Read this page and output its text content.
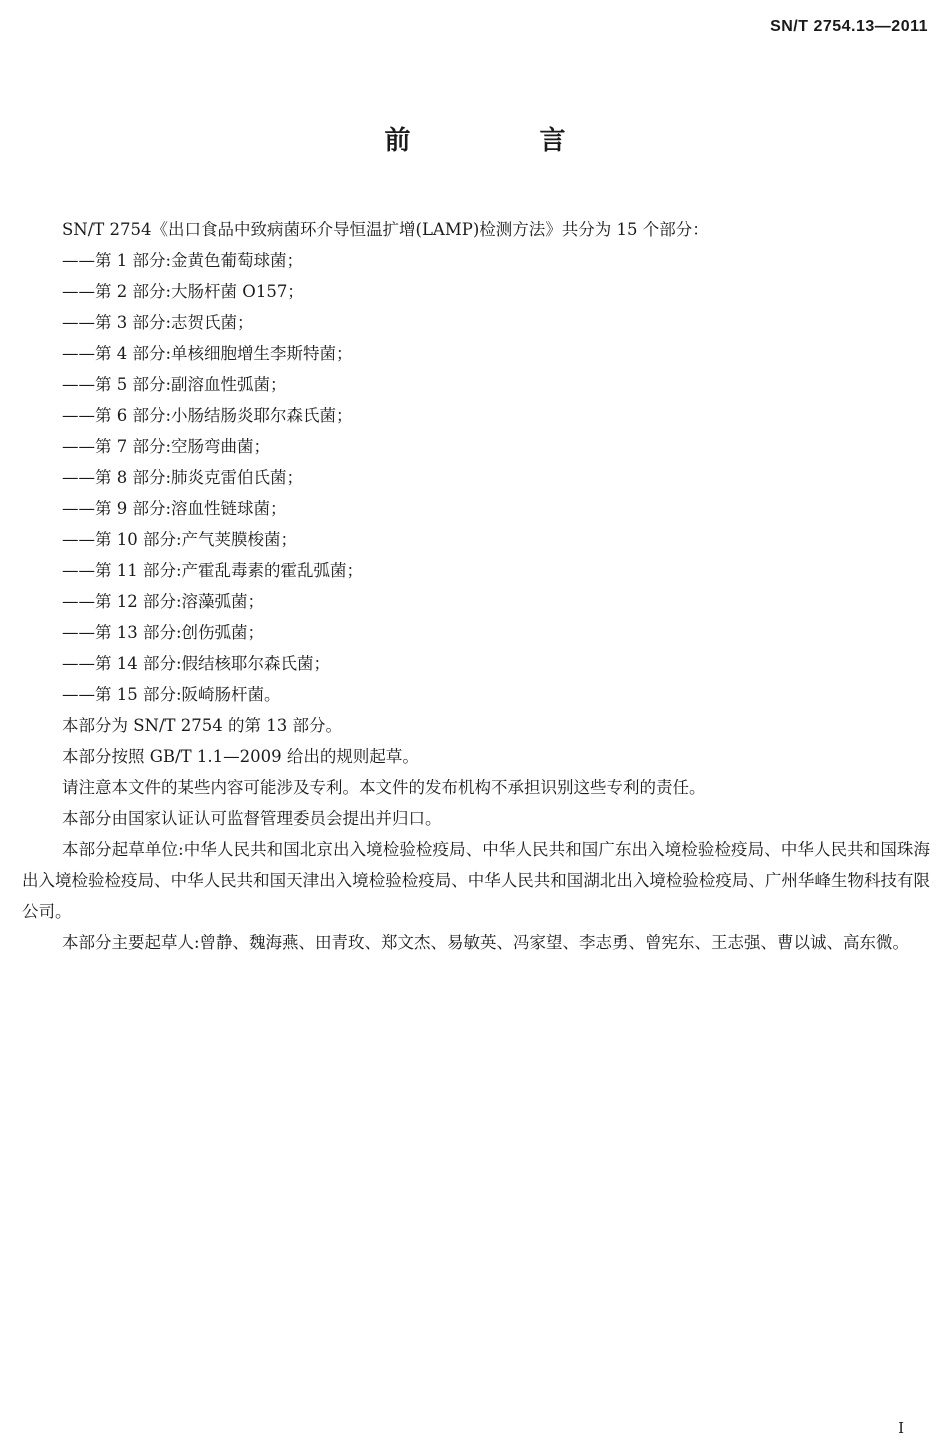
SN/T 2754.13—2011
前 言

SN/T 2754《出口食品中致病菌环介导恒温扩增(LAMP)检测方法》共分为 15 个部分：

——第 1 部分:金黄色葡萄球菌；
——第 2 部分:大肠杆菌 O157；
——第 3 部分:志贺氏菌；
——第 4 部分:单核细胞增生李斯特菌；
——第 5 部分:副溶血性弧菌；
——第 6 部分:小肠结肠炎耶尔森氏菌；
——第 7 部分:空肠弯曲菌；
——第 8 部分:肺炎克雷伯氏菌；
——第 9 部分:溶血性链球菌；
——第 10 部分:产气荚膜梭菌；
——第 11 部分:产霍乱毒素的霍乱弧菌；
——第 12 部分:溶藻弧菌；
——第 13 部分:创伤弧菌；
——第 14 部分:假结核耶尔森氏菌；
——第 15 部分:阪崎肠杆菌。

本部分为 SN/T 2754 的第 13 部分。

本部分按照 GB/T 1.1—2009 给出的规则起草。

请注意本文件的某些内容可能涉及专利。本文件的发布机构不承担识别这些专利的责任。

本部分由国家认证认可监督管理委员会提出并归口。

本部分起草单位:中华人民共和国北京出入境检验检疫局、中华人民共和国广东出入境检验检疫局、中华人民共和国珠海出入境检验检疫局、中华人民共和国天津出入境检验检疫局、中华人民共和国湖北出入境检验检疫局、广州华峰生物科技有限公司。

本部分主要起草人:曾静、魏海燕、田青玫、郑文杰、易敏英、冯家望、李志勇、曾宪东、王志强、曹以诚、高东微。

I
